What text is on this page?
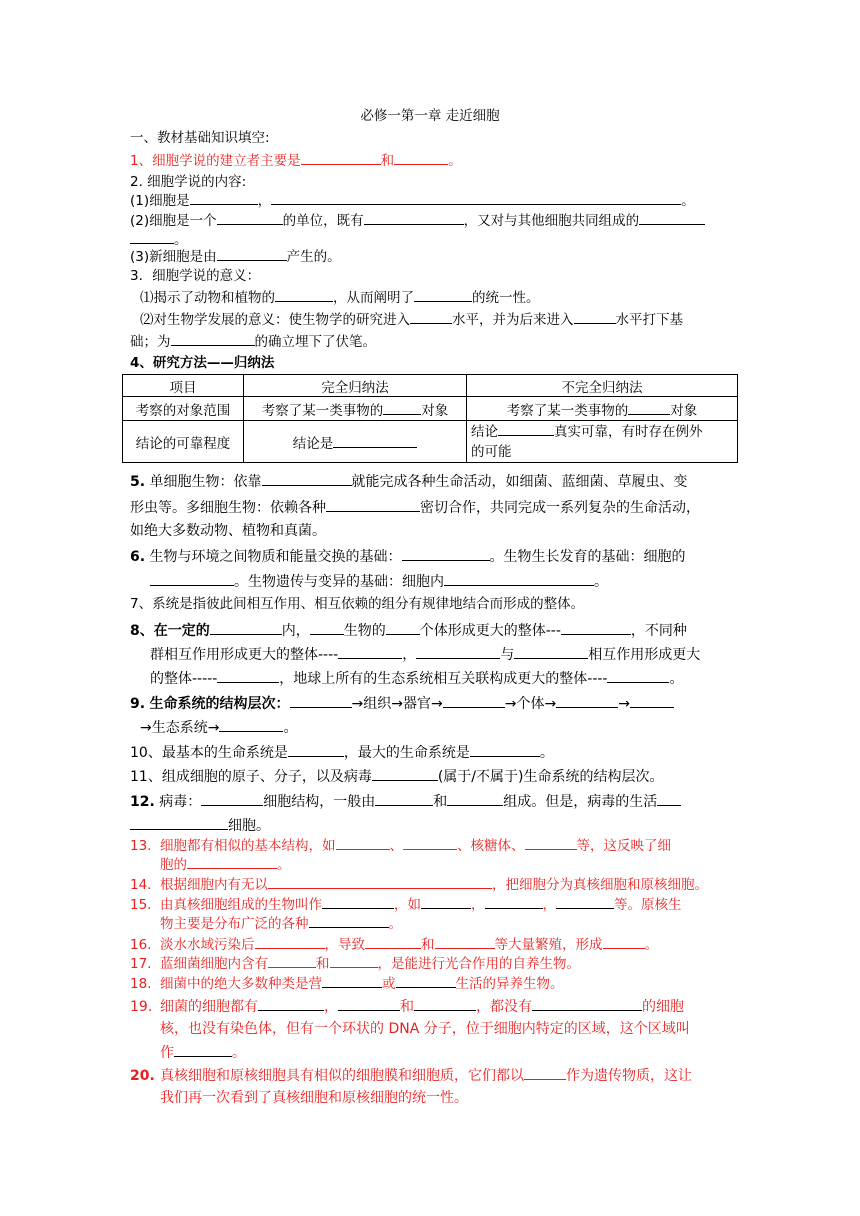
必修一第一章 走近细胞
一、教材基础知识填空:
1、细胞学说的建立者主要是	和	。
2. 细胞学说的内容:
(1)细胞是	，	。
(2)细胞是一个	的单位，既有	，又对与其他细胞共同组成的
。
(3)新细胞是由	产生的。
3．细胞学说的意义：
⑴揭示了动物和植物的	，从而阐明了	的统一性。
⑵对生物学发展的意义：使生物学的研究进入	水平，并为后来进入	水平打下基
础；为	的确立埋下了伏笔。
4、研究方法——归纳法
项目	完全归纳法	不完全归纳法
考察的对象范围	考察了某一类事物的 对象	考察了某一类事物的 对象
结论的可靠程度	结论是	结论 真实可靠，有时存在例外
的可能
5. 单细胞生物：依靠	就能完成各种生命活动，如细菌、蓝细菌、草履虫、变
形虫等。多细胞生物：依赖各种	密切合作，共同完成一系列复杂的生命活动，
如绝大多数动物、植物和真菌。
6. 生物与环境之间物质和能量交换的基础：	。生物生长发育的基础：细胞的
。生物遗传与变异的基础：细胞内	。
7、系统是指彼此间相互作用、相互依赖的组分有规律地结合而形成的整体。
8、在一定的	内， 生物的 个体形成更大的整体---	，不同种
群相互作用形成更大的整体----	，	与	相互作用形成更大
的整体-----	，地球上所有的生态系统相互关联构成更大的整体----	。
9. 生命系统的结构层次：	→组织→器官→	→个体→	→
→生态系统→	。
10、最基本的生命系统是	，最大的生命系统是	。
11、组成细胞的原子、分子，以及病毒	(属于/不属于)生命系统的结构层次。
12. 病毒：	细胞结构，一般由	和	组成。但是，病毒的生活
细胞。
13. 细胞都有相似的基本结构，如	、	、核糖体、	等，这反映了细
胞的	。
14. 根据细胞内有无以	，把细胞分为真核细胞和原核细胞。
15. 由真核细胞组成的生物叫作	，如	，	，	等。原核生
物主要是分布广泛的各种	。
16. 淡水水域污染后	，导致	和	等大量繁殖，形成	。
17. 蓝细菌细胞内含有	和	，是能进行光合作用的自养生物。
18. 细菌中的绝大多数种类是营	或	生活的异养生物。
19. 细菌的细胞都有	，	和	，都没有	的细胞
核，也没有染色体，但有一个环状的 DNA 分子，位于细胞内特定的区域，这个区域叫
作	。
20. 真核细胞和原核细胞具有相似的细胞膜和细胞质，它们都以	作为遗传物质，这让
我们再一次看到了真核细胞和原核细胞的统一性。
